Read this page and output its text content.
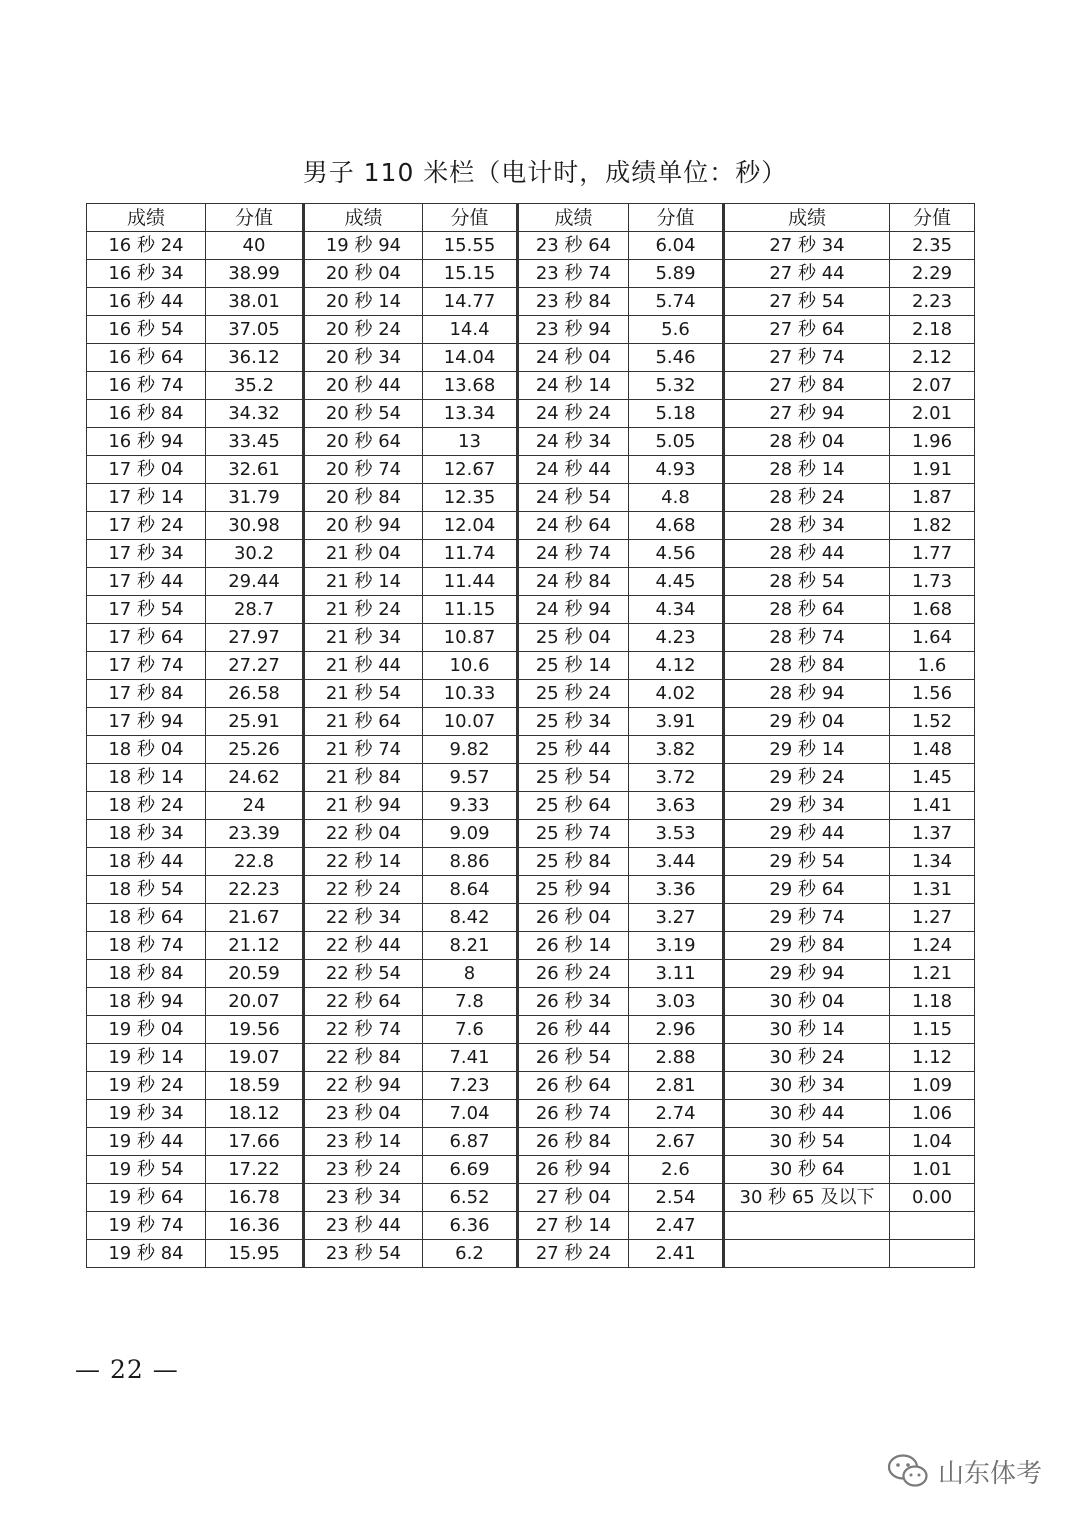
男子 110 米栏（电计时，成绩单位：秒）
成绩	分值	成绩	分值	成绩	分值	成绩	分值
16 秒 24	40	19 秒 94	15.55	23 秒 64	6.04	27 秒 34	2.35
16 秒 34	38.99	20 秒 04	15.15	23 秒 74	5.89	27 秒 44	2.29
16 秒 44	38.01	20 秒 14	14.77	23 秒 84	5.74	27 秒 54	2.23
16 秒 54	37.05	20 秒 24	14.4	23 秒 94	5.6	27 秒 64	2.18
16 秒 64	36.12	20 秒 34	14.04	24 秒 04	5.46	27 秒 74	2.12
16 秒 74	35.2	20 秒 44	13.68	24 秒 14	5.32	27 秒 84	2.07
16 秒 84	34.32	20 秒 54	13.34	24 秒 24	5.18	27 秒 94	2.01
16 秒 94	33.45	20 秒 64	13	24 秒 34	5.05	28 秒 04	1.96
17 秒 04	32.61	20 秒 74	12.67	24 秒 44	4.93	28 秒 14	1.91
17 秒 14	31.79	20 秒 84	12.35	24 秒 54	4.8	28 秒 24	1.87
17 秒 24	30.98	20 秒 94	12.04	24 秒 64	4.68	28 秒 34	1.82
17 秒 34	30.2	21 秒 04	11.74	24 秒 74	4.56	28 秒 44	1.77
17 秒 44	29.44	21 秒 14	11.44	24 秒 84	4.45	28 秒 54	1.73
17 秒 54	28.7	21 秒 24	11.15	24 秒 94	4.34	28 秒 64	1.68
17 秒 64	27.97	21 秒 34	10.87	25 秒 04	4.23	28 秒 74	1.64
17 秒 74	27.27	21 秒 44	10.6	25 秒 14	4.12	28 秒 84	1.6
17 秒 84	26.58	21 秒 54	10.33	25 秒 24	4.02	28 秒 94	1.56
17 秒 94	25.91	21 秒 64	10.07	25 秒 34	3.91	29 秒 04	1.52
18 秒 04	25.26	21 秒 74	9.82	25 秒 44	3.82	29 秒 14	1.48
18 秒 14	24.62	21 秒 84	9.57	25 秒 54	3.72	29 秒 24	1.45
18 秒 24	24	21 秒 94	9.33	25 秒 64	3.63	29 秒 34	1.41
18 秒 34	23.39	22 秒 04	9.09	25 秒 74	3.53	29 秒 44	1.37
18 秒 44	22.8	22 秒 14	8.86	25 秒 84	3.44	29 秒 54	1.34
18 秒 54	22.23	22 秒 24	8.64	25 秒 94	3.36	29 秒 64	1.31
18 秒 64	21.67	22 秒 34	8.42	26 秒 04	3.27	29 秒 74	1.27
18 秒 74	21.12	22 秒 44	8.21	26 秒 14	3.19	29 秒 84	1.24
18 秒 84	20.59	22 秒 54	8	26 秒 24	3.11	29 秒 94	1.21
18 秒 94	20.07	22 秒 64	7.8	26 秒 34	3.03	30 秒 04	1.18
19 秒 04	19.56	22 秒 74	7.6	26 秒 44	2.96	30 秒 14	1.15
19 秒 14	19.07	22 秒 84	7.41	26 秒 54	2.88	30 秒 24	1.12
19 秒 24	18.59	22 秒 94	7.23	26 秒 64	2.81	30 秒 34	1.09
19 秒 34	18.12	23 秒 04	7.04	26 秒 74	2.74	30 秒 44	1.06
19 秒 44	17.66	23 秒 14	6.87	26 秒 84	2.67	30 秒 54	1.04
19 秒 54	17.22	23 秒 24	6.69	26 秒 94	2.6	30 秒 64	1.01
19 秒 64	16.78	23 秒 34	6.52	27 秒 04	2.54	30 秒 65 及以下	0.00
19 秒 74	16.36	23 秒 44	6.36	27 秒 14	2.47		
19 秒 84	15.95	23 秒 54	6.2	27 秒 24	2.41		
— 22 —
山东体考
